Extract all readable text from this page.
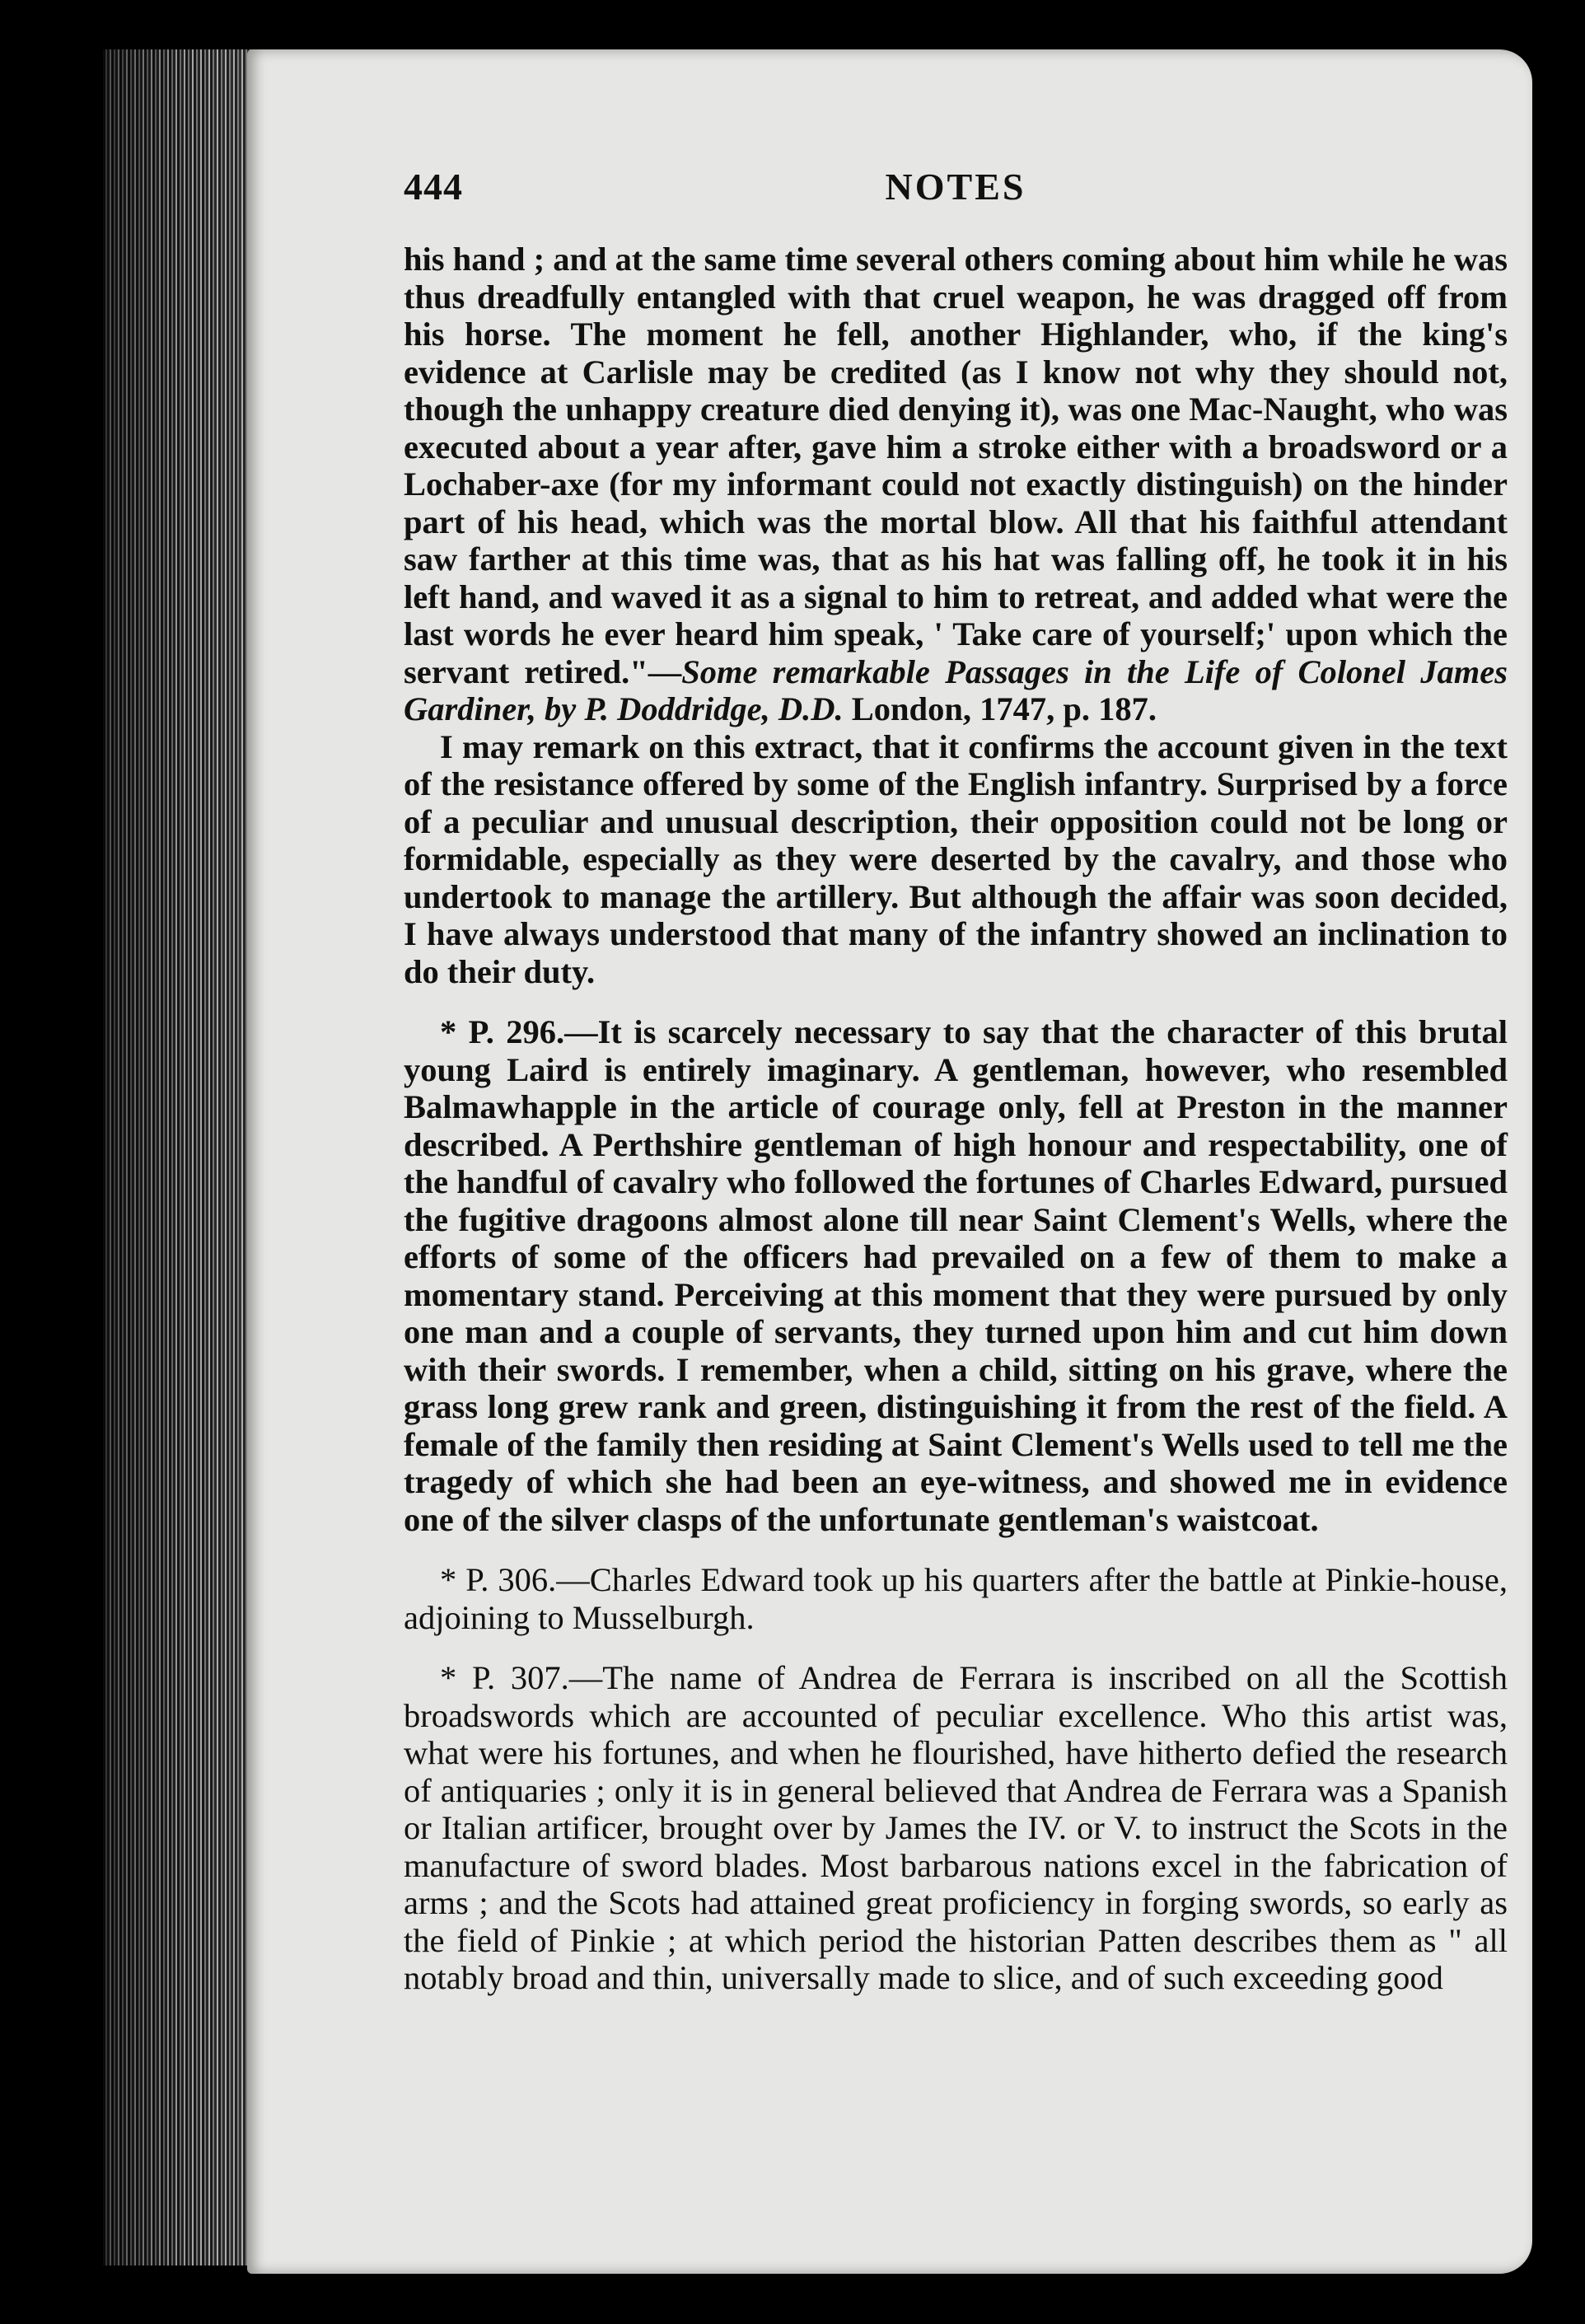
444	NOTES

his hand ; and at the same time several others coming about him while he was thus dreadfully entangled with that cruel weapon, he was dragged off from his horse. The moment he fell, another Highlander, who, if the king's evidence at Carlisle may be credited (as I know not why they should not, though the unhappy creature died denying it), was one Mac-Naught, who was executed about a year after, gave him a stroke either with a broadsword or a Lochaber-axe (for my informant could not exactly distinguish) on the hinder part of his head, which was the mortal blow. All that his faithful attendant saw farther at this time was, that as his hat was falling off, he took it in his left hand, and waved it as a signal to him to retreat, and added what were the last words he ever heard him speak, ' Take care of yourself;' upon which the servant retired."—Some remarkable Passages in the Life of Colonel James Gardiner, by P. Doddridge, D.D. London, 1747, p. 187.

I may remark on this extract, that it confirms the account given in the text of the resistance offered by some of the English infantry. Surprised by a force of a peculiar and unusual description, their opposition could not be long or formidable, especially as they were deserted by the cavalry, and those who undertook to manage the artillery. But although the affair was soon decided, I have always understood that many of the infantry showed an inclination to do their duty.

* P. 296.—It is scarcely necessary to say that the character of this brutal young Laird is entirely imaginary. A gentleman, however, who resembled Balmawhapple in the article of courage only, fell at Preston in the manner described. A Perthshire gentleman of high honour and respectability, one of the handful of cavalry who followed the fortunes of Charles Edward, pursued the fugitive dragoons almost alone till near Saint Clement's Wells, where the efforts of some of the officers had prevailed on a few of them to make a momentary stand. Perceiving at this moment that they were pursued by only one man and a couple of servants, they turned upon him and cut him down with their swords. I remember, when a child, sitting on his grave, where the grass long grew rank and green, distinguishing it from the rest of the field. A female of the family then residing at Saint Clement's Wells used to tell me the tragedy of which she had been an eye-witness, and showed me in evidence one of the silver clasps of the unfortunate gentleman's waistcoat.

* P. 306.—Charles Edward took up his quarters after the battle at Pinkie-house, adjoining to Musselburgh.

* P. 307.—The name of Andrea de Ferrara is inscribed on all the Scottish broadswords which are accounted of peculiar excellence. Who this artist was, what were his fortunes, and when he flourished, have hitherto defied the research of antiquaries ; only it is in general believed that Andrea de Ferrara was a Spanish or Italian artificer, brought over by James the IV. or V. to instruct the Scots in the manufacture of sword blades. Most barbarous nations excel in the fabrication of arms ; and the Scots had attained great proficiency in forging swords, so early as the field of Pinkie ; at which period the historian Patten describes them as " all notably broad and thin, universally made to slice, and of such exceeding good
